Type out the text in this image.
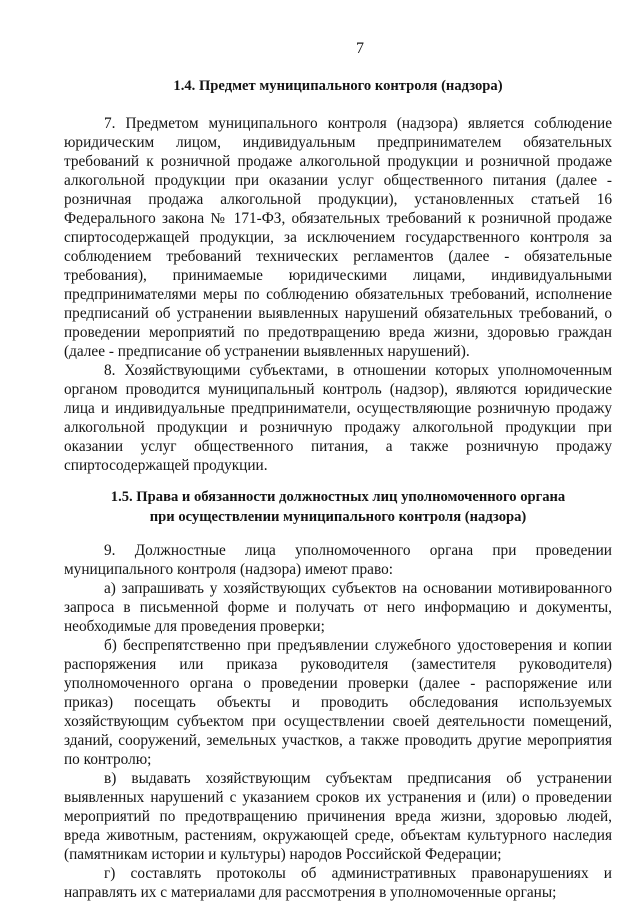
7
1.4. Предмет муниципального контроля (надзора)
7. Предметом муниципального контроля (надзора) является соблюдение
юридическим лицом, индивидуальным предпринимателем обязательных
требований к розничной продаже алкогольной продукции и розничной продаже
алкогольной продукции при оказании услуг общественного питания (далее -
розничная продажа алкогольной продукции), установленных статьей 16
Федерального закона № 171-ФЗ, обязательных требований к розничной продаже
спиртосодержащей продукции, за исключением государственного контроля за
соблюдением требований технических регламентов (далее - обязательные
требования), принимаемые юридическими лицами, индивидуальными
предпринимателями меры по соблюдению обязательных требований, исполнение
предписаний об устранении выявленных нарушений обязательных требований, о
проведении мероприятий по предотвращению вреда жизни, здоровью граждан
(далее - предписание об устранении выявленных нарушений).
8. Хозяйствующими субъектами, в отношении которых уполномоченным
органом проводится муниципальный контроль (надзор), являются юридические
лица и индивидуальные предприниматели, осуществляющие розничную продажу
алкогольной продукции и розничную продажу алкогольной продукции при
оказании услуг общественного питания, а также розничную продажу
спиртосодержащей продукции.
1.5. Права и обязанности должностных лиц уполномоченного органа
при осуществлении муниципального контроля (надзора)
9. Должностные лица уполномоченного органа при проведении
муниципального контроля (надзора) имеют право:
а) запрашивать у хозяйствующих субъектов на основании мотивированного
запроса в письменной форме и получать от него информацию и документы,
необходимые для проведения проверки;
б) беспрепятственно при предъявлении служебного удостоверения и копии
распоряжения или приказа руководителя (заместителя руководителя)
уполномоченного органа о проведении проверки (далее - распоряжение или
приказ) посещать объекты и проводить обследования используемых
хозяйствующим субъектом при осуществлении своей деятельности помещений,
зданий, сооружений, земельных участков, а также проводить другие мероприятия
по контролю;
в) выдавать хозяйствующим субъектам предписания об устранении
выявленных нарушений с указанием сроков их устранения и (или) о проведении
мероприятий по предотвращению причинения вреда жизни, здоровью людей,
вреда животным, растениям, окружающей среде, объектам культурного наследия
(памятникам истории и культуры) народов Российской Федерации;
г) составлять протоколы об административных правонарушениях и
направлять их с материалами для рассмотрения в уполномоченные органы;
